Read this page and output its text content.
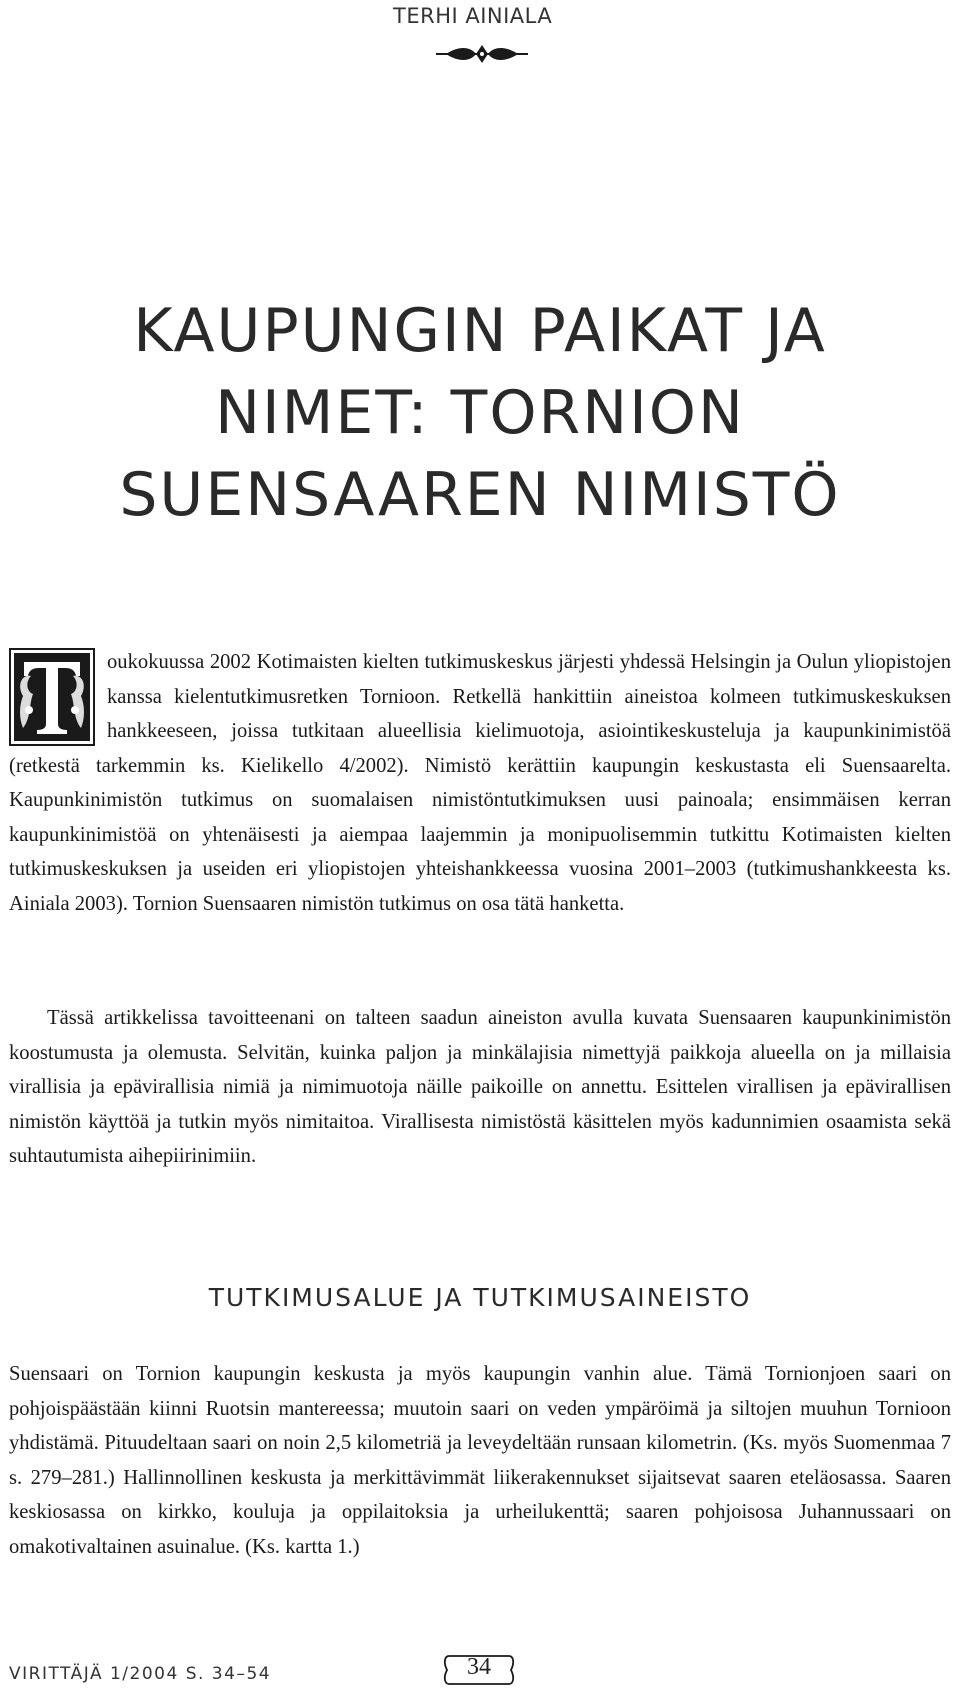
TERHI AINIALA
KAUPUNGIN PAIKAT JA
NIMET: TORNION
SUENSAAREN NIMISTÖ

oukokuussa 2002 Kotimaisten kielten tutkimuskeskus järjesti yhdessä Helsingin ja Oulun yliopistojen kanssa kielentutkimusretken Tornioon. Retkellä hankittiin aineistoa kolmeen tutkimuskeskuksen hankkeeseen, joissa tutkitaan alueellisia kielimuotoja, asiointikeskusteluja ja kaupunkinimistöä (retkestä tarkemmin ks. Kielikello 4/2002). Nimistö kerättiin kaupungin keskustasta eli Suensaarelta. Kaupunkinimistön tutkimus on suomalaisen nimistöntutkimuksen uusi painoala; ensimmäisen kerran kaupunkinimistöä on yhtenäisesti ja aiempaa laajemmin ja monipuolisemmin tutkittu Kotimaisten kielten tutkimuskeskuksen ja useiden eri yliopistojen yhteishankkeessa vuosina 2001–2003 (tutkimushankkeesta ks. Ainiala 2003). Tornion Suensaaren nimistön tutkimus on osa tätä hanketta.

Tässä artikkelissa tavoitteenani on talteen saadun aineiston avulla kuvata Suensaaren kaupunkinimistön koostumusta ja olemusta. Selvitän, kuinka paljon ja minkälajisia nimettyjä paikkoja alueella on ja millaisia virallisia ja epävirallisia nimiä ja nimimuotoja näille paikoille on annettu. Esittelen virallisen ja epävirallisen nimistön käyttöä ja tutkin myös nimitaitoa. Virallisesta nimistöstä käsittelen myös kadunnimien osaamista sekä suhtautumista aihepiirinimiin.

TUTKIMUSALUE JA TUTKIMUSAINEISTO

Suensaari on Tornion kaupungin keskusta ja myös kaupungin vanhin alue. Tämä Tornionjoen saari on pohjoispäästään kiinni Ruotsin mantereessa; muutoin saari on veden ympäröimä ja siltojen muuhun Tornioon yhdistämä. Pituudeltaan saari on noin 2,5 kilometriä ja leveydeltään runsaan kilometrin. (Ks. myös Suomenmaa 7 s. 279–281.) Hallinnollinen keskusta ja merkittävimmät liikerakennukset sijaitsevat saaren eteläosassa. Saaren keskiosassa on kirkko, kouluja ja oppilaitoksia ja urheilukenttä; saaren pohjoisosa Juhannussaari on omakotivaltainen asuinalue. (Ks. kartta 1.)

VIRITTÄJÄ 1/2004 S. 34–54	34
